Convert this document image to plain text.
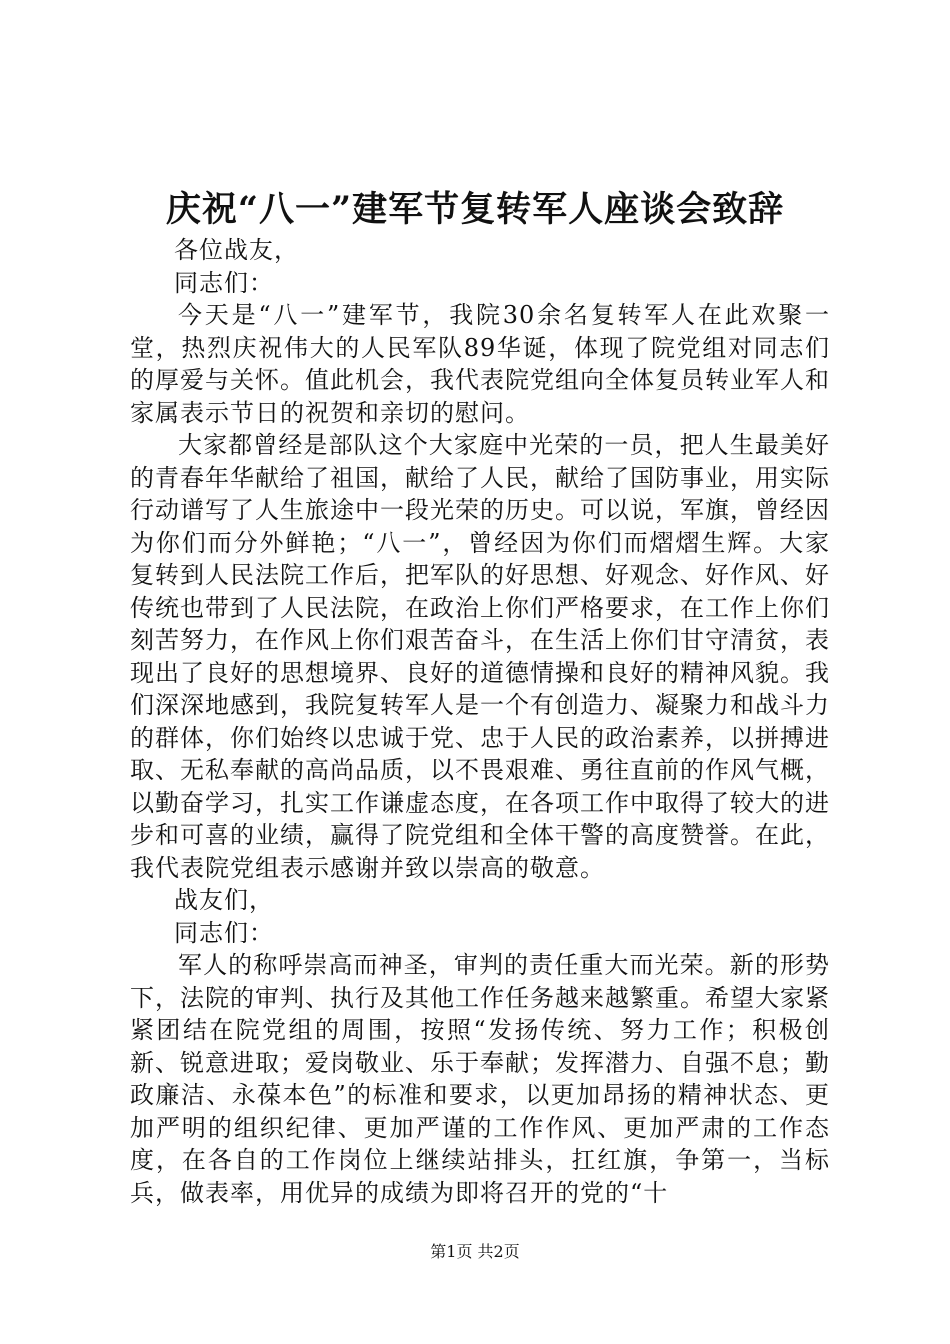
庆祝“八一”建军节复转军人座谈会致辞

各位战友，

同志们：

今天是“八一”建军节，我院30余名复转军人在此欢聚一堂，热烈庆祝伟大的人民军队89华诞，体现了院党组对同志们的厚爱与关怀。值此机会，我代表院党组向全体复员转业军人和家属表示节日的祝贺和亲切的慰问。

大家都曾经是部队这个大家庭中光荣的一员，把人生最美好的青春年华献给了祖国，献给了人民，献给了国防事业，用实际行动谱写了人生旅途中一段光荣的历史。可以说，军旗，曾经因为你们而分外鲜艳；“八一”，曾经因为你们而熠熠生辉。大家复转到人民法院工作后，把军队的好思想、好观念、好作风、好传统也带到了人民法院，在政治上你们严格要求，在工作上你们刻苦努力，在作风上你们艰苦奋斗，在生活上你们甘守清贫，表现出了良好的思想境界、良好的道德情操和良好的精神风貌。我们深深地感到，我院复转军人是一个有创造力、凝聚力和战斗力的群体，你们始终以忠诚于党、忠于人民的政治素养，以拼搏进取、无私奉献的高尚品质，以不畏艰难、勇往直前的作风气概，以勤奋学习，扎实工作谦虚态度，在各项工作中取得了较大的进步和可喜的业绩，赢得了院党组和全体干警的高度赞誉。在此，我代表院党组表示感谢并致以崇高的敬意。

战友们，

同志们：

军人的称呼崇高而神圣，审判的责任重大而光荣。新的形势下，法院的审判、执行及其他工作任务越来越繁重。希望大家紧紧团结在院党组的周围，按照“发扬传统、努力工作；积极创新、锐意进取；爱岗敬业、乐于奉献；发挥潜力、自强不息；勤政廉洁、永葆本色”的标准和要求，以更加昂扬的精神状态、更加严明的组织纪律、更加严谨的工作作风、更加严肃的工作态度，在各自的工作岗位上继续站排头，扛红旗，争第一，当标兵，做表率，用优异的成绩为即将召开的党的“十

第1页 共2页
